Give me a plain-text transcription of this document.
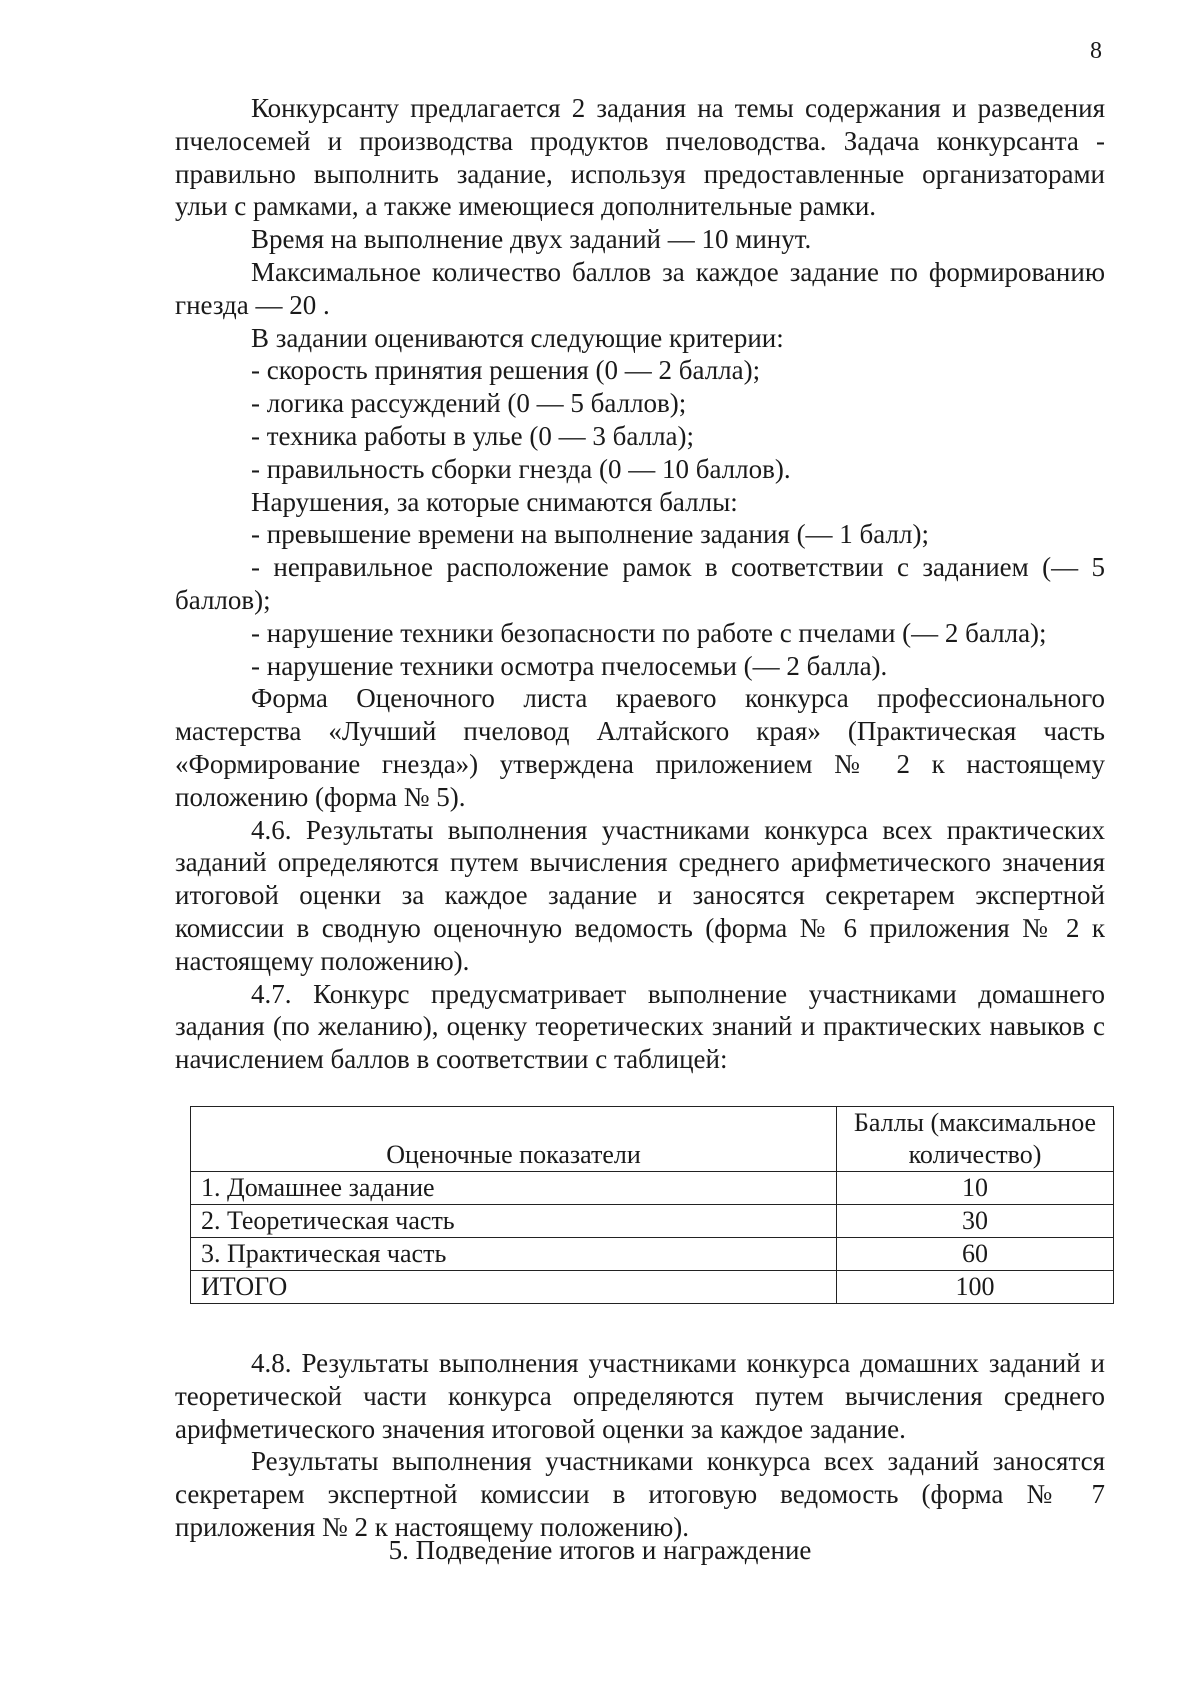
8

Конкурсанту предлагается 2 задания на темы содержания и разведения пчелосемей и производства продуктов пчеловодства. Задача конкурсанта - правильно выполнить задание, используя предоставленные организаторами ульи с рамками, а также имеющиеся дополнительные рамки.

Время на выполнение двух заданий — 10 минут.

Максимальное количество баллов за каждое задание по формированию гнезда — 20 .

В задании оцениваются следующие критерии:

- скорость принятия решения (0 — 2 балла);

- логика рассуждений (0 — 5 баллов);

- техника работы в улье (0 — 3 балла);

- правильность сборки гнезда (0 — 10 баллов).

Нарушения, за которые снимаются баллы:

- превышение времени на выполнение задания (— 1 балл);

- неправильное расположение рамок в соответствии с заданием (— 5 баллов);

- нарушение техники безопасности по работе с пчелами (— 2 балла);

- нарушение техники осмотра пчелосемьи (— 2 балла).

Форма Оценочного листа краевого конкурса профессионального мастерства «Лучший пчеловод Алтайского края» (Практическая часть «Формирование гнезда») утверждена приложением № 2 к настоящему положению (форма № 5).

4.6. Результаты выполнения участниками конкурса всех практических заданий определяются путем вычисления среднего арифметического значения итоговой оценки за каждое задание и заносятся секретарем экспертной комиссии в сводную оценочную ведомость (форма № 6 приложения № 2 к настоящему положению).

4.7. Конкурс предусматривает выполнение участниками домашнего задания (по желанию), оценку теоретических знаний и практических навыков с начислением баллов в соответствии с таблицей:

Оценочные показатели	Баллы (максимальное количество)
1. Домашнее задание	10
2. Теоретическая часть	30
3. Практическая часть	60
ИТОГО	100

4.8. Результаты выполнения участниками конкурса домашних заданий и теоретической части конкурса определяются путем вычисления среднего арифметического значения итоговой оценки за каждое задание.

Результаты выполнения участниками конкурса всех заданий заносятся секретарем экспертной комиссии в итоговую ведомость (форма № 7 приложения № 2 к настоящему положению).

5. Подведение итогов и награждение
